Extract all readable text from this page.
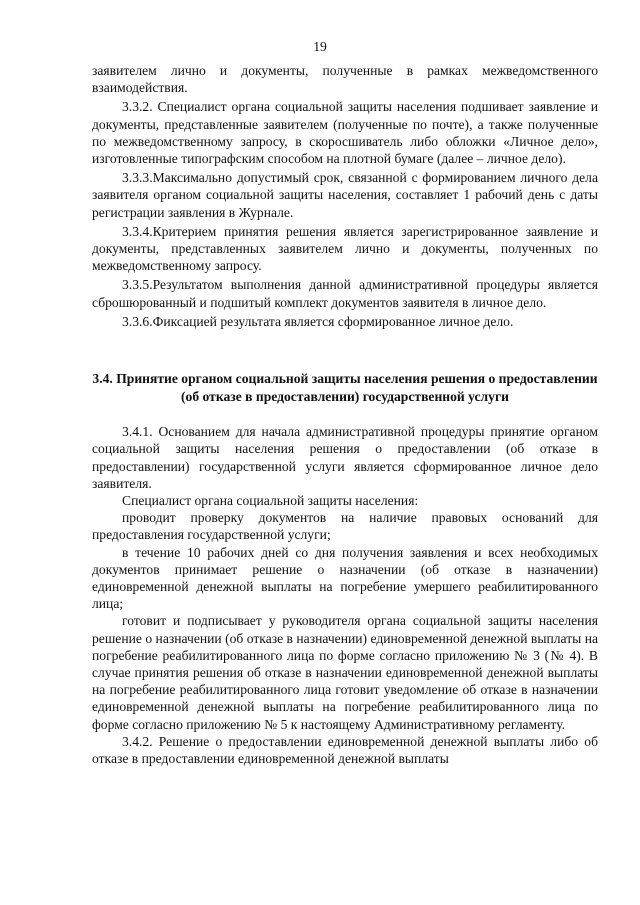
19

заявителем лично и документы, полученные в рамках межведомственного взаимодействия.

3.3.2. Специалист органа социальной защиты населения подшивает заявление и документы, представленные заявителем (полученные по почте), а также полученные по межведомственному запросу, в скоросшиватель либо обложки «Личное дело», изготовленные типографским способом на плотной бумаге (далее – личное дело).

3.3.3.Максимально допустимый срок, связанной с формированием личного дела заявителя органом социальной защиты населения, составляет 1 рабочий день с даты регистрации заявления в Журнале.

3.3.4.Критерием принятия решения является зарегистрированное заявление и документы, представленных заявителем лично и документы, полученных по межведомственному запросу.

3.3.5.Результатом выполнения данной административной процедуры является сброшюрованный и подшитый комплект документов заявителя в личное дело.

3.3.6.Фиксацией результата является сформированное личное дело.

3.4. Принятие органом социальной защиты населения решения о предоставлении (об отказе в предоставлении) государственной услуги

3.4.1. Основанием для начала административной процедуры принятие органом социальной защиты населения решения о предоставлении (об отказе в предоставлении) государственной услуги является сформированное личное дело заявителя.

Специалист органа социальной защиты населения:

проводит проверку документов на наличие правовых оснований для предоставления государственной услуги;

в течение 10 рабочих дней со дня получения заявления и всех необходимых документов принимает решение о назначении (об отказе в назначении) единовременной денежной выплаты на погребение умершего реабилитированного лица;

готовит и подписывает у руководителя органа социальной защиты населения решение о назначении (об отказе в назначении) единовременной денежной выплаты на погребение реабилитированного лица по форме согласно приложению № 3 (№ 4). В случае принятия решения об отказе в назначении единовременной денежной выплаты на погребение реабилитированного лица готовит уведомление об отказе в назначении единовременной денежной выплаты на погребение реабилитированного лица по форме согласно приложению № 5 к настоящему Административному регламенту.

3.4.2. Решение о предоставлении единовременной денежной выплаты либо об отказе в предоставлении единовременной денежной выплаты
